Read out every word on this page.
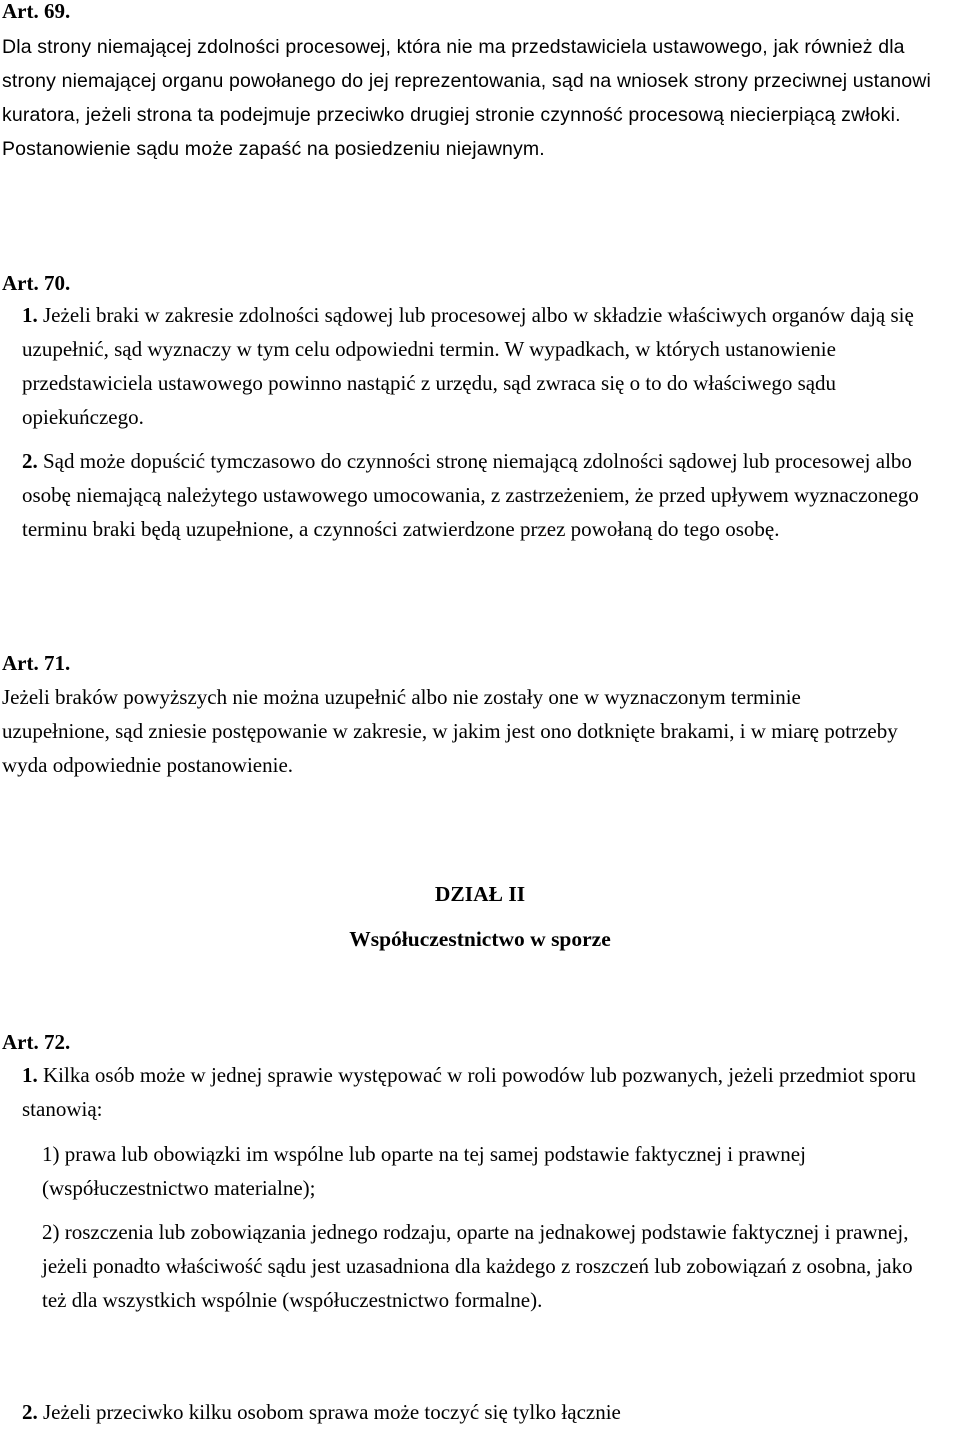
Art. 69.
Dla strony niemającej zdolności procesowej, która nie ma przedstawiciela ustawowego, jak również dla strony niemającej organu powołanego do jej reprezentowania, sąd na wniosek strony przeciwnej ustanowi kuratora, jeżeli strona ta podejmuje przeciwko drugiej stronie czynność procesową niecierpiącą zwłoki. Postanowienie sądu może zapaść na posiedzeniu niejawnym.
Art. 70.
1. Jeżeli braki w zakresie zdolności sądowej lub procesowej albo w składzie właściwych organów dają się uzupełnić, sąd wyznaczy w tym celu odpowiedni termin. W wypadkach, w których ustanowienie przedstawiciela ustawowego powinno nastąpić z urzędu, sąd zwraca się o to do właściwego sądu opiekuńczego.
2. Sąd może dopuścić tymczasowo do czynności stronę niemającą zdolności sądowej lub procesowej albo osobę niemającą należytego ustawowego umocowania, z zastrzeżeniem, że przed upływem wyznaczonego terminu braki będą uzupełnione, a czynności zatwierdzone przez powołaną do tego osobę.
Art. 71.
Jeżeli braków powyższych nie można uzupełnić albo nie zostały one w wyznaczonym terminie uzupełnione, sąd zniesie postępowanie w zakresie, w jakim jest ono dotknięte brakami, i w miarę potrzeby wyda odpowiednie postanowienie.
DZIAŁ II
Współuczestnictwo w sporze
Art. 72.
1. Kilka osób może w jednej sprawie występować w roli powodów lub pozwanych, jeżeli przedmiot sporu stanowią:
1) prawa lub obowiązki im wspólne lub oparte na tej samej podstawie faktycznej i prawnej (współuczestnictwo materialne);
2) roszczenia lub zobowiązania jednego rodzaju, oparte na jednakowej podstawie faktycznej i prawnej, jeżeli ponadto właściwość sądu jest uzasadniona dla każdego z roszczeń lub zobowiązań z osobna, jako też dla wszystkich wspólnie (współuczestnictwo formalne).
2. Jeżeli przeciwko kilku osobom sprawa może toczyć się tylko łącznie
